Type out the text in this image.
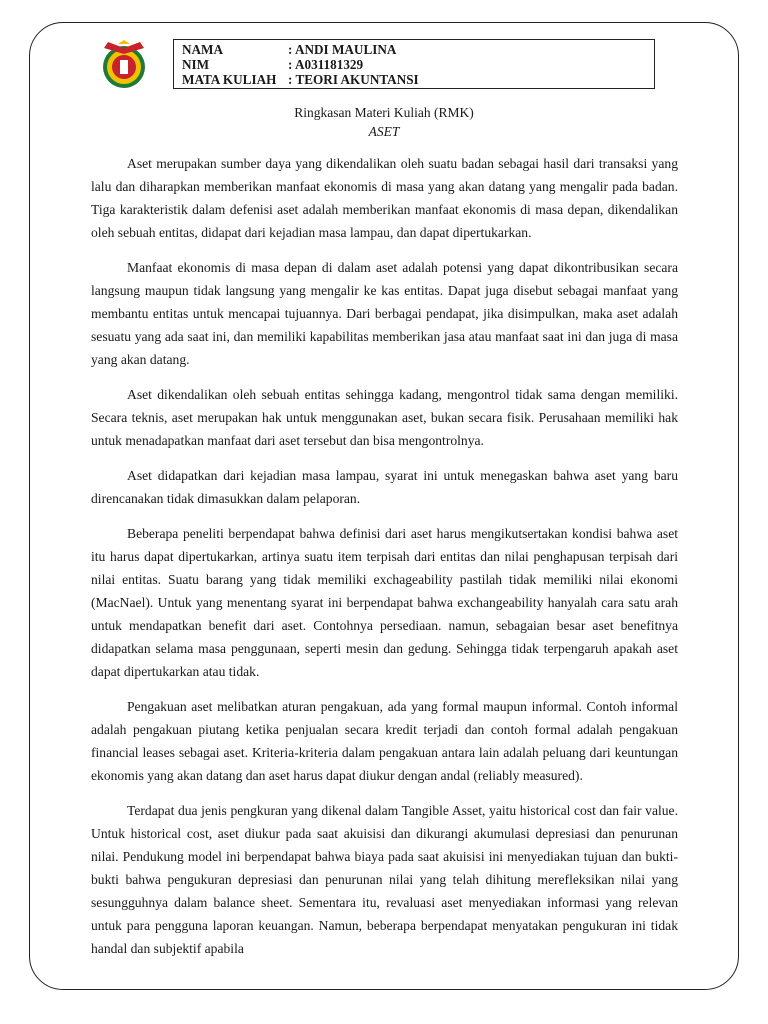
NAMA	: ANDI MAULINA
NIM	: A031181329
MATA KULIAH : TEORI AKUNTANSI
Ringkasan Materi Kuliah (RMK)
ASET

Aset merupakan sumber daya yang dikendalikan oleh suatu badan sebagai hasil dari transaksi yang lalu dan diharapkan memberikan manfaat ekonomis di masa yang akan datang yang mengalir pada badan. Tiga karakteristik dalam defenisi aset adalah memberikan manfaat ekonomis di masa depan, dikendalikan oleh sebuah entitas, didapat dari kejadian masa lampau, dan dapat dipertukarkan.

Manfaat ekonomis di masa depan di dalam aset adalah potensi yang dapat dikontribusikan secara langsung maupun tidak langsung yang mengalir ke kas entitas. Dapat juga disebut sebagai manfaat yang membantu entitas untuk mencapai tujuannya. Dari berbagai pendapat, jika disimpulkan, maka aset adalah sesuatu yang ada saat ini, dan memiliki kapabilitas memberikan jasa atau manfaat saat ini dan juga di masa yang akan datang.

Aset dikendalikan oleh sebuah entitas sehingga kadang, mengontrol tidak sama dengan memiliki. Secara teknis, aset merupakan hak untuk menggunakan aset, bukan secara fisik. Perusahaan memiliki hak untuk menadapatkan manfaat dari aset tersebut dan bisa mengontrolnya.

Aset didapatkan dari kejadian masa lampau, syarat ini untuk menegaskan bahwa aset yang baru direncanakan tidak dimasukkan dalam pelaporan.

Beberapa peneliti berpendapat bahwa definisi dari aset harus mengikutsertakan kondisi bahwa aset itu harus dapat dipertukarkan, artinya suatu item terpisah dari entitas dan nilai penghapusan terpisah dari nilai entitas. Suatu barang yang tidak memiliki exchageability pastilah tidak memiliki nilai ekonomi (MacNael). Untuk yang menentang syarat ini berpendapat bahwa exchangeability hanyalah cara satu arah untuk mendapatkan benefit dari aset. Contohnya persediaan. namun, sebagaian besar aset benefitnya didapatkan selama masa penggunaan, seperti mesin dan gedung. Sehingga tidak terpengaruh apakah aset dapat dipertukarkan atau tidak.

Pengakuan aset melibatkan aturan pengakuan, ada yang formal maupun informal. Contoh informal adalah pengakuan piutang ketika penjualan secara kredit terjadi dan contoh formal adalah pengakuan financial leases sebagai aset. Kriteria-kriteria dalam pengakuan antara lain adalah peluang dari keuntungan ekonomis yang akan datang dan aset harus dapat diukur dengan andal (reliably measured).

Terdapat dua jenis pengkuran yang dikenal dalam Tangible Asset, yaitu historical cost dan fair value. Untuk historical cost, aset diukur pada saat akuisisi dan dikurangi akumulasi depresiasi dan penurunan nilai. Pendukung model ini berpendapat bahwa biaya pada saat akuisisi ini menyediakan tujuan dan bukti-bukti bahwa pengukuran depresiasi dan penurunan nilai yang telah dihitung merefleksikan nilai yang sesungguhnya dalam balance sheet. Sementara itu, revaluasi aset menyediakan informasi yang relevan untuk para pengguna laporan keuangan. Namun, beberapa berpendapat menyatakan pengukuran ini tidak handal dan subjektif apabila
